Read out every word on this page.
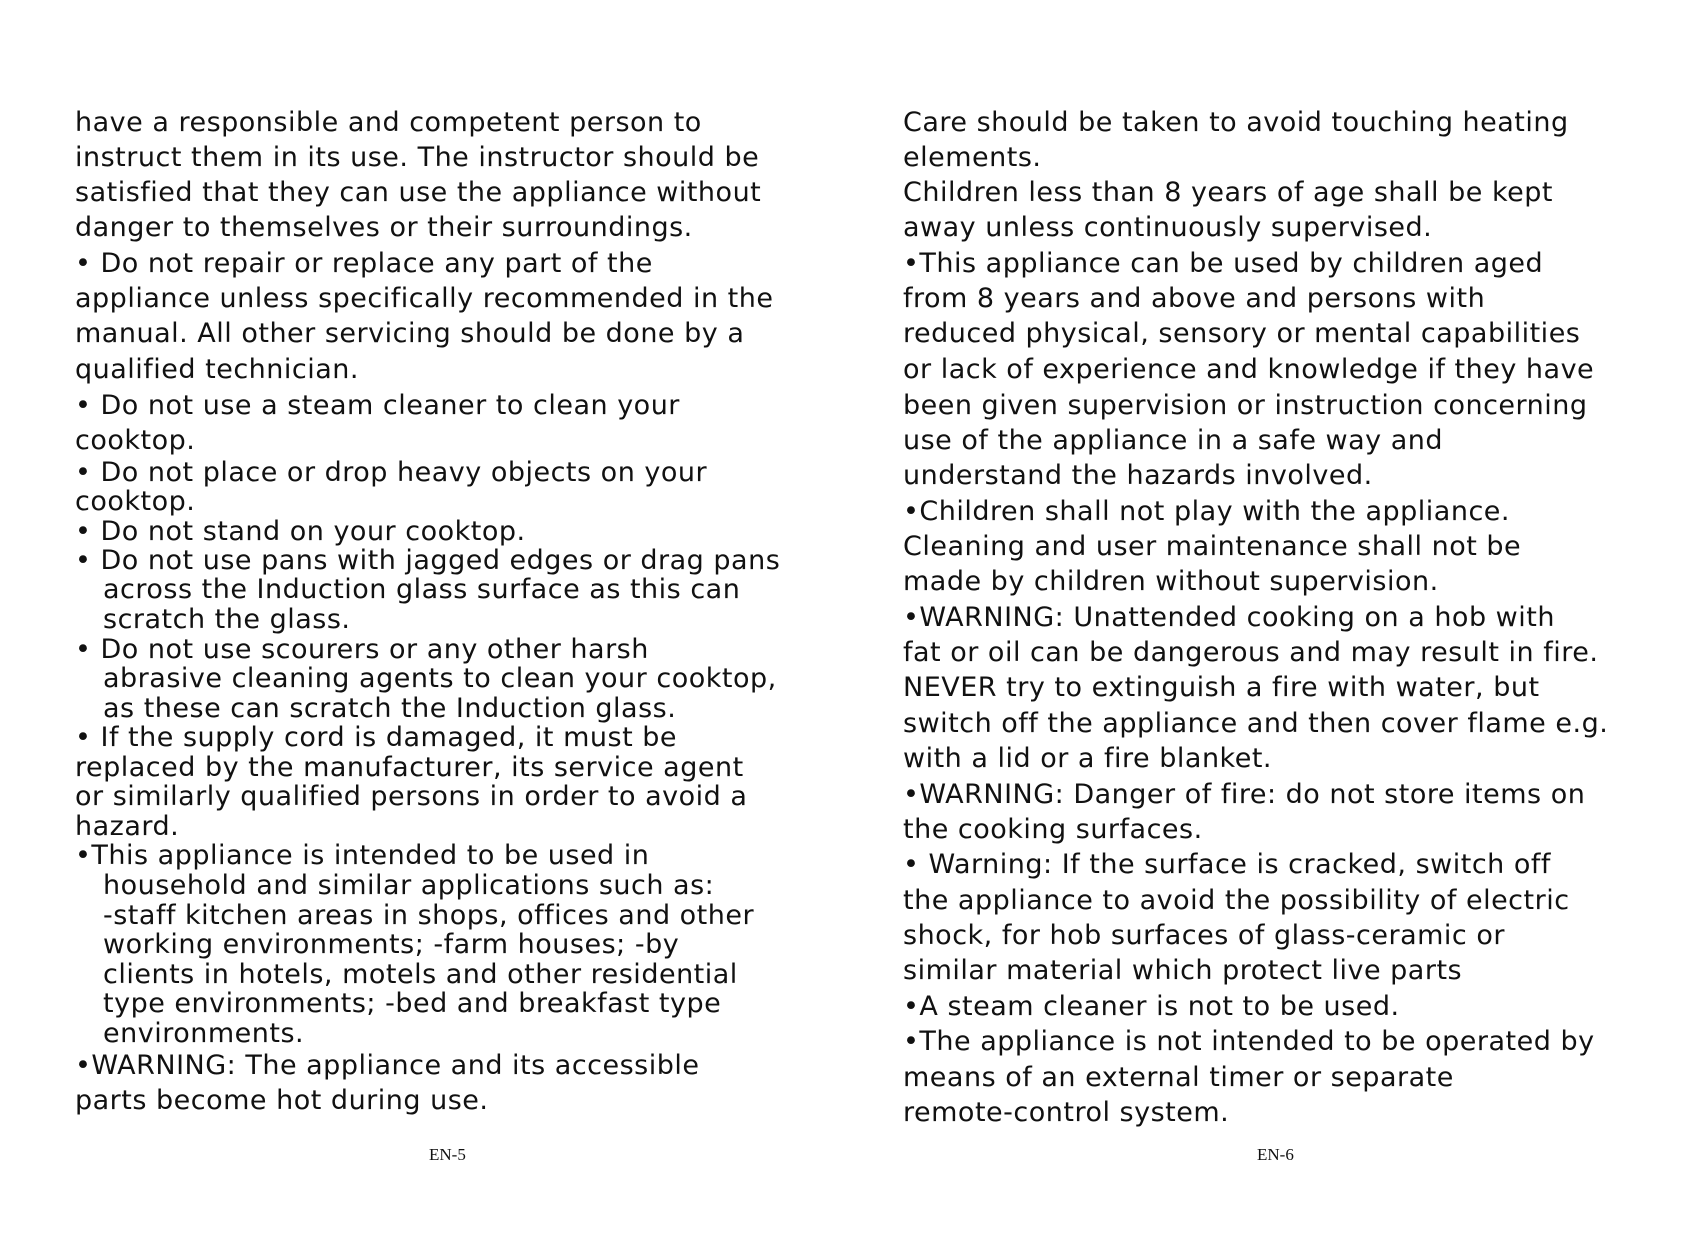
have a responsible and competent person to
instruct them in its use. The instructor should be
satisfied that they can use the appliance without
danger to themselves or their surroundings.
• Do not repair or replace any part of the
appliance unless specifically recommended in the
manual. All other servicing should be done by a
qualified technician.
• Do not use a steam cleaner to clean your
cooktop.
• Do not place or drop heavy objects on your
cooktop.
• Do not stand on your cooktop.
• Do not use pans with jagged edges or drag pans
across the Induction glass surface as this can
scratch the glass.
• Do not use scourers or any other harsh
abrasive cleaning agents to clean your cooktop,
as these can scratch the Induction glass.
• If the supply cord is damaged, it must be
replaced by the manufacturer, its service agent
or similarly qualified persons in order to avoid a
hazard.
•This appliance is intended to be used in
household and similar applications such as:
-staff kitchen areas in shops, offices and other
working environments; -farm houses; -by
clients in hotels, motels and other residential
type environments; -bed and breakfast type
environments.
•WARNING: The appliance and its accessible
parts become hot during use.
EN-5
Care should be taken to avoid touching heating
elements.
Children less than 8 years of age shall be kept
away unless continuously supervised.
•This appliance can be used by children aged
from 8 years and above and persons with
reduced physical, sensory or mental capabilities
or lack of experience and knowledge if they have
been given supervision or instruction concerning
use of the appliance in a safe way and
understand the hazards involved.
•Children shall not play with the appliance.
Cleaning and user maintenance shall not be
made by children without supervision.
•WARNING: Unattended cooking on a hob with
fat or oil can be dangerous and may result in fire.
NEVER try to extinguish a fire with water, but
switch off the appliance and then cover flame e.g.
with a lid or a fire blanket.
•WARNING: Danger of fire: do not store items on
the cooking surfaces.
• Warning: If the surface is cracked, switch off
the appliance to avoid the possibility of electric
shock, for hob surfaces of glass-ceramic or
similar material which protect live parts
•A steam cleaner is not to be used.
•The appliance is not intended to be operated by
means of an external timer or separate
remote-control system.
EN-6
